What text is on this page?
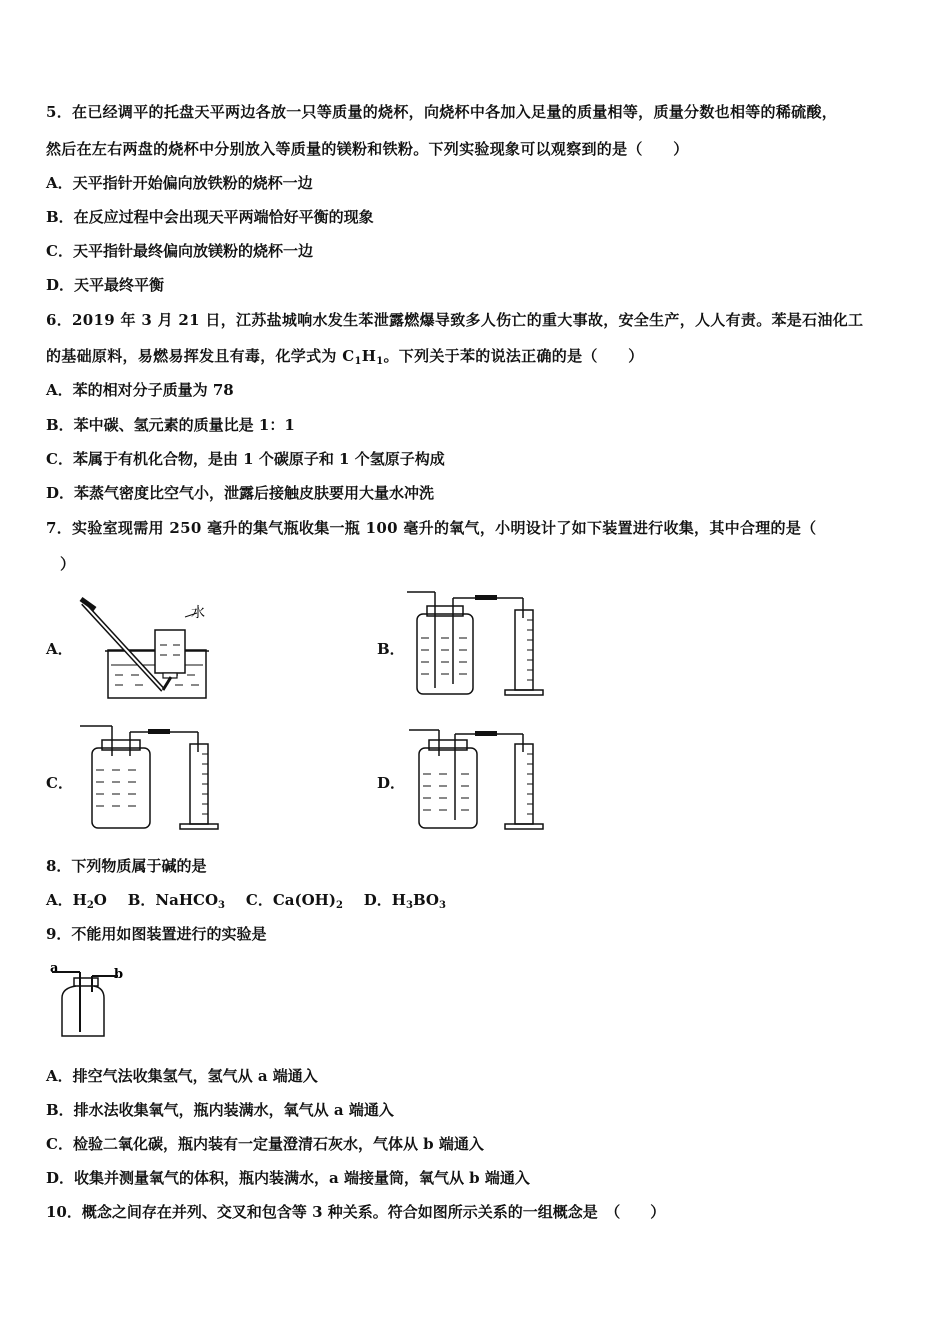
5．在已经调平的托盘天平两边各放一只等质量的烧杯，向烧杯中各加入足量的质量相等，质量分数也相等的稀硫酸，
然后在左右两盘的烧杯中分别放入等质量的镁粉和铁粉。下列实验现象可以观察到的是（　　）
A．天平指针开始偏向放铁粉的烧杯一边
B．在反应过程中会出现天平两端恰好平衡的现象
C．天平指针最终偏向放镁粉的烧杯一边
D．天平最终平衡
6．2019 年 3 月 21 日，江苏盐城响水发生苯泄露燃爆导致多人伤亡的重大事故，安全生产，人人有责。苯是石油化工
的基础原料，易燃易挥发且有毒，化学式为 $C_1H_1$。下列关于苯的说法正确的是（　　）
A．苯的相对分子质量为 78
B．苯中碳、氢元素的质量比是 1：1
C．苯属于有机化合物，是由 1 个碳原子和 1 个氢原子构成
D．苯蒸气密度比空气小，泄露后接触皮肤要用大量水冲洗
7．实验室现需用 250 毫升的集气瓶收集一瓶 100 毫升的氧气，小明设计了如下装置进行收集，其中合理的是（
）
A．	B．
C．	D．
水
8．下列物质属于碱的是
A．$H_2O$ B．NaHCO$_3$ C．$Ca(OH)_2$ D．$H_3BO_3$
9．不能用如图装置进行的实验是
a	b
A．排空气法收集氢气，氢气从 a 端通入
B．排水法收集氧气，瓶内装满水，氧气从 a 端通入
C．检验二氧化碳，瓶内装有一定量澄清石灰水，气体从 b 端通入
D．收集并测量氧气的体积，瓶内装满水，a 端接量筒，氧气从 b 端通入
10．概念之间存在并列、交叉和包含等 3 种关系。符合如图所示关系的一组概念是　（　　）
